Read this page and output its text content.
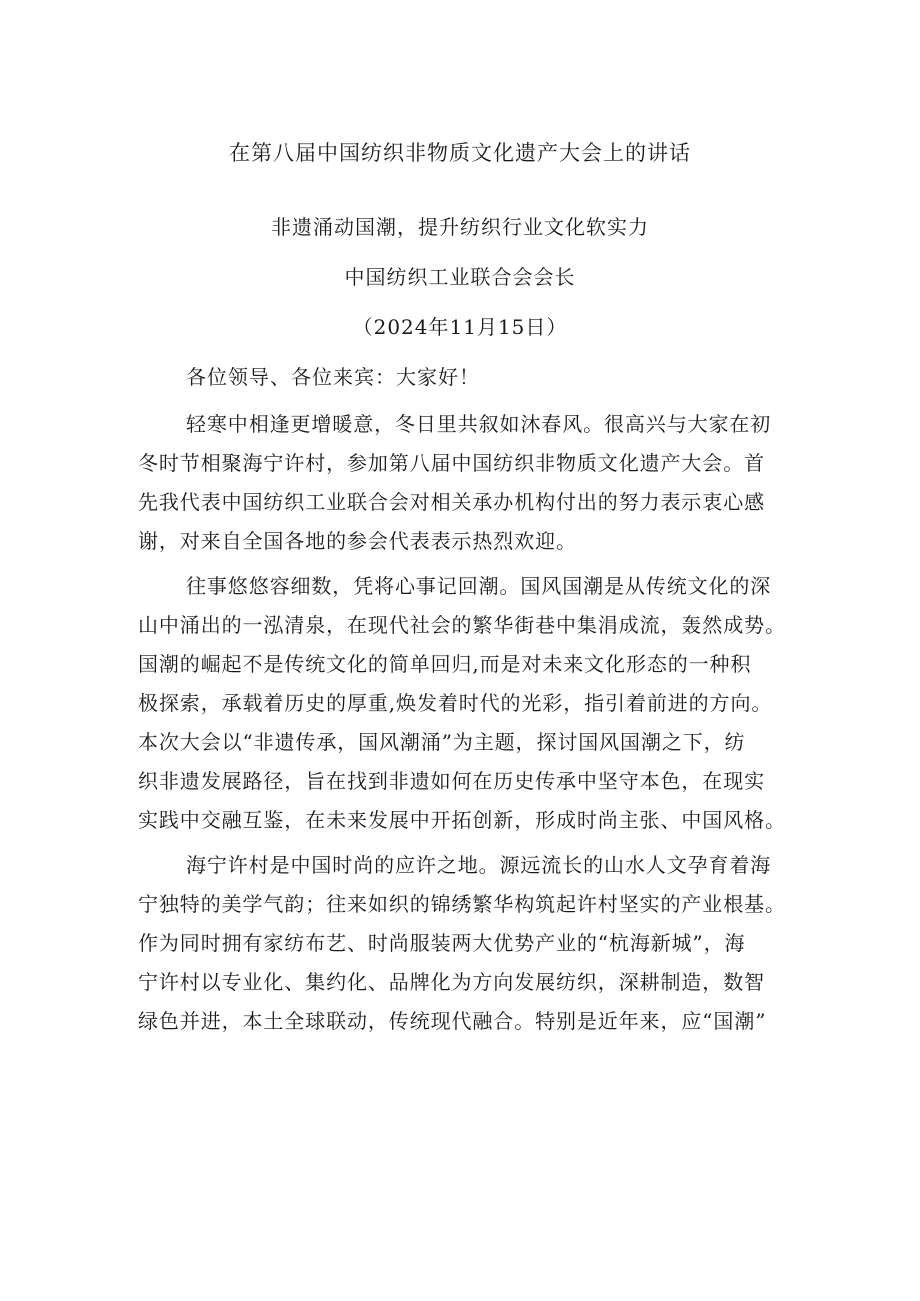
在第八届中国纺织非物质文化遗产大会上的讲话
非遗涌动国潮，提升纺织行业文化软实力
中国纺织工业联合会会长
（2024年11月15日）
各位领导、各位来宾：大家好！
轻寒中相逢更增暖意，冬日里共叙如沐春风。很高兴与大家在初
冬时节相聚海宁许村，参加第八届中国纺织非物质文化遗产大会。首
先我代表中国纺织工业联合会对相关承办机构付出的努力表示衷心感
谢，对来自全国各地的参会代表表示热烈欢迎。
往事悠悠容细数，凭将心事记回潮。国风国潮是从传统文化的深
山中涌出的一泓清泉，在现代社会的繁华街巷中集涓成流，轰然成势。
国潮的崛起不是传统文化的简单回归,而是对未来文化形态的一种积
极探索，承载着历史的厚重,焕发着时代的光彩，指引着前进的方向。
本次大会以“非遗传承，国风潮涌”为主题，探讨国风国潮之下，纺
织非遗发展路径，旨在找到非遗如何在历史传承中坚守本色，在现实
实践中交融互鉴，在未来发展中开拓创新，形成时尚主张、中国风格。
海宁许村是中国时尚的应许之地。源远流长的山水人文孕育着海
宁独特的美学气韵；往来如织的锦绣繁华构筑起许村坚实的产业根基。
作为同时拥有家纺布艺、时尚服装两大优势产业的“杭海新城”，海
宁许村以专业化、集约化、品牌化为方向发展纺织，深耕制造，数智
绿色并进，本土全球联动，传统现代融合。特别是近年来，应“国潮”
